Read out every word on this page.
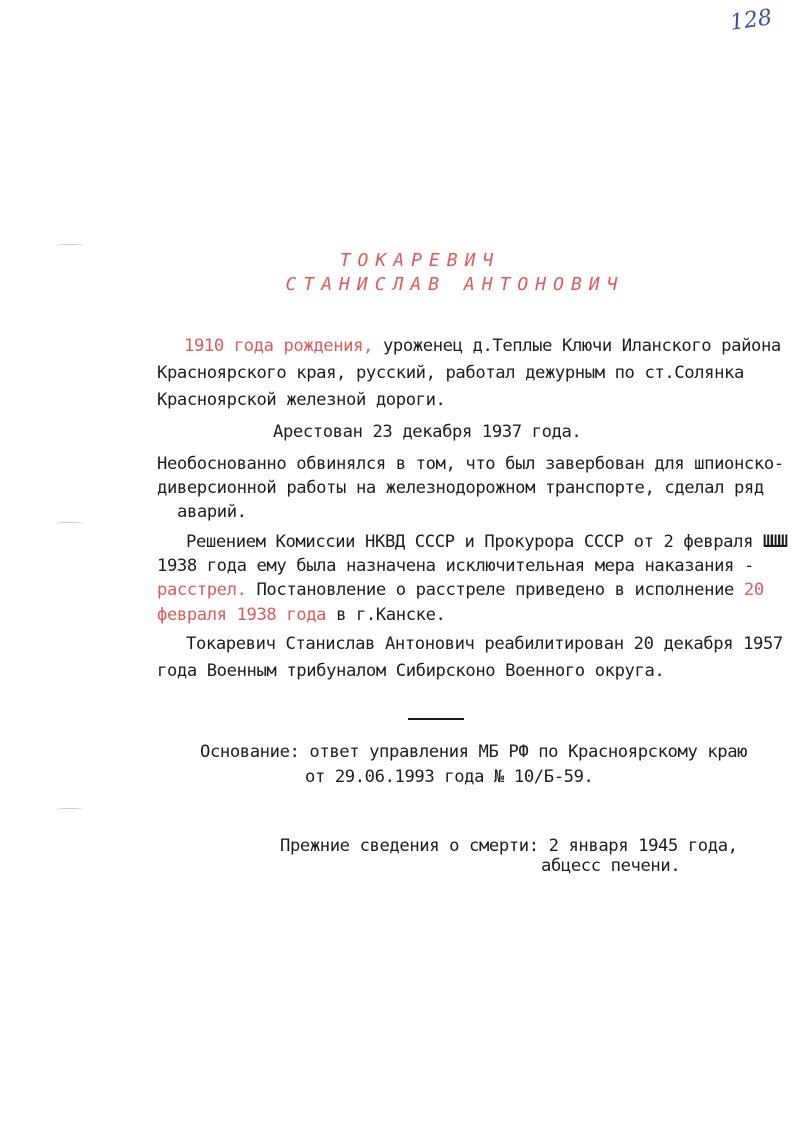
128
ТОКАРЕВИЧ
СТАНИСЛАВ АНТОНОВИЧ
1910 года рождения, уроженец д.Теплые Ключи Иланского района
Красноярского края, русский, работал дежурным по ст.Солянка
Красноярской железной дороги.
Арестован 23 декабря 1937 года.
Необоснованно обвинялся в том, что был завербован для шпионско-
диверсионной работы на железнодорожном транспорте, сделал ряд
аварий.
Решением Комиссии НКВД СССР и Прокурора СССР от 2 февраля ШШШ
1938 года ему была назначена исключительная мера наказания -
расстрел. Постановление о расстреле приведено в исполнение 20
февраля 1938 года в г.Канске.
Токаревич Станислав Антонович реабилитирован 20 декабря 1957
года Военным трибуналом Сибирсконо Военного округа.
Основание: ответ управления МБ РФ по Красноярскому краю
от 29.06.1993 года № 10/Б-59.
Прежние сведения о смерти: 2 января 1945 года,
абцесс печени.
